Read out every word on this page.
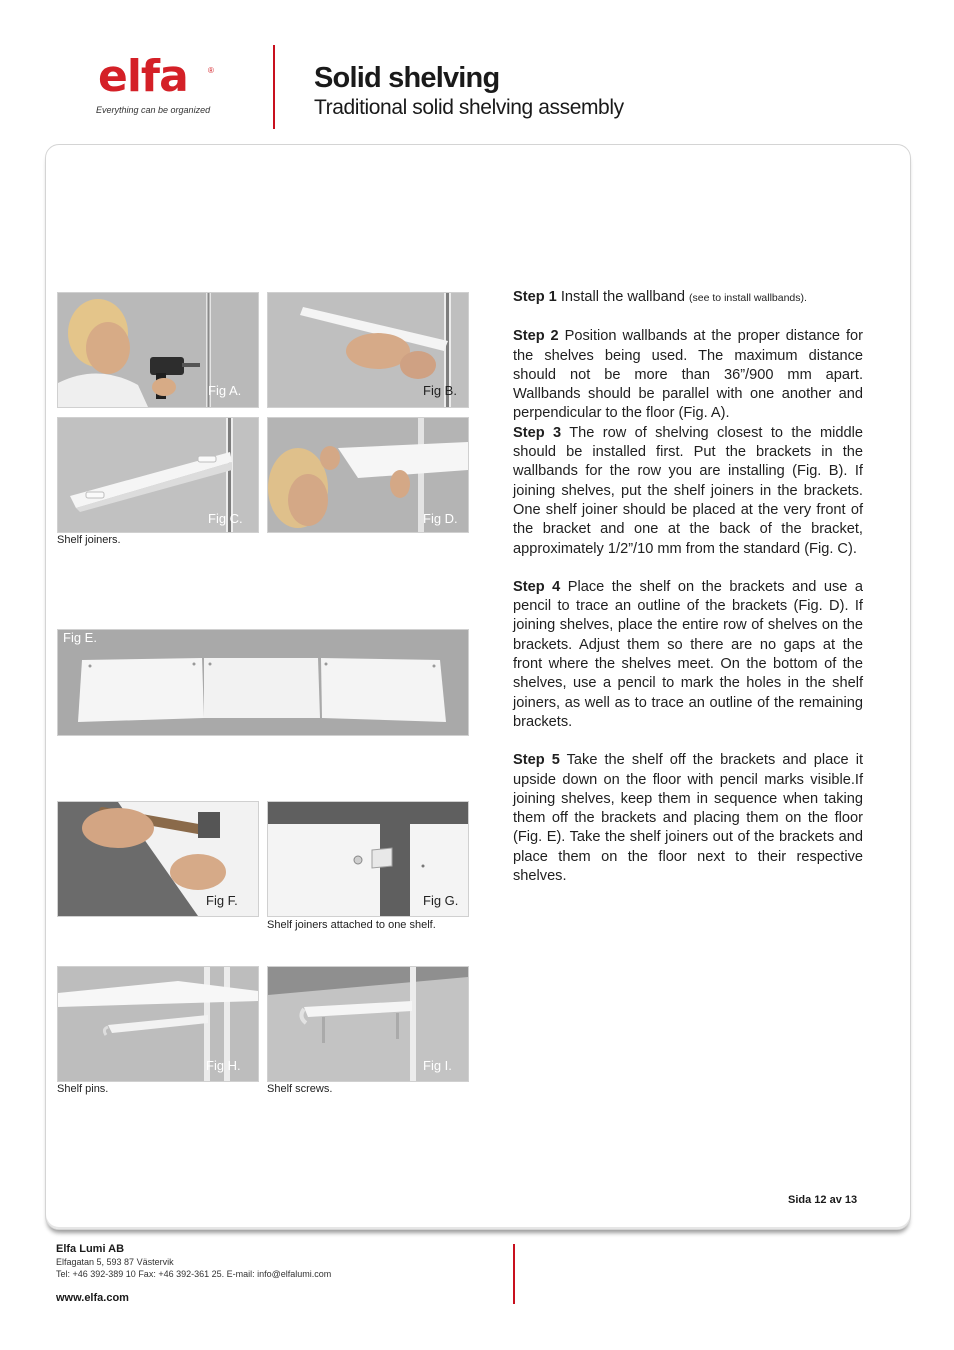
elfa	®
Everything can be organized
Solid shelving
Traditional solid shelving assembly
Fig A.	Fig B.
Fig C.
Shelf joiners.
Fig D.
Fig E.
Fig F.	Fig G.
Shelf joiners attached to one shelf.
Fig H.
Shelf pins.
Fig I.
Shelf screws.

Step 1 Install the wallband (see to install wallbands).

Step 2 Position wallbands at the proper distance for the shelves being used. The maximum distance should not be more than 36”/900 mm apart. Wallbands should be parallel with one another and perpendicular to the floor (Fig. A).

Step 3 The row of shelving closest to the middle should be installed first. Put the brackets in the wallbands for the row you are installing (Fig. B). If joining shelves, put the shelf joiners in the brackets. One shelf joiner should be placed at the very front of the bracket and one at the back of the bracket, approximately 1/2”/10 mm from the standard (Fig. C).

Step 4 Place the shelf on the brackets and use a pencil to trace an outline of the brackets (Fig. D). If joining shelves, place the entire row of shelves on the brackets. Adjust them so there are no gaps at the front where the shelves meet. On the bottom of the shelves, use a pencil to mark the holes in the shelf joiners, as well as to trace an outline of the remaining brackets.

Step 5 Take the shelf off the brackets and place it upside down on the floor with pencil marks visible.If joining shelves, keep them in sequence when taking them off the brackets and placing them on the floor (Fig. E). Take the shelf joiners out of the brackets and place them on the floor next to their respective shelves.

Sida 12 av 13
Elfa Lumi AB
Elfagatan 5, 593 87 Västervik
Tel: +46 392-389 10 Fax: +46 392-361 25. E-mail: info@elfalumi.com
www.elfa.com
